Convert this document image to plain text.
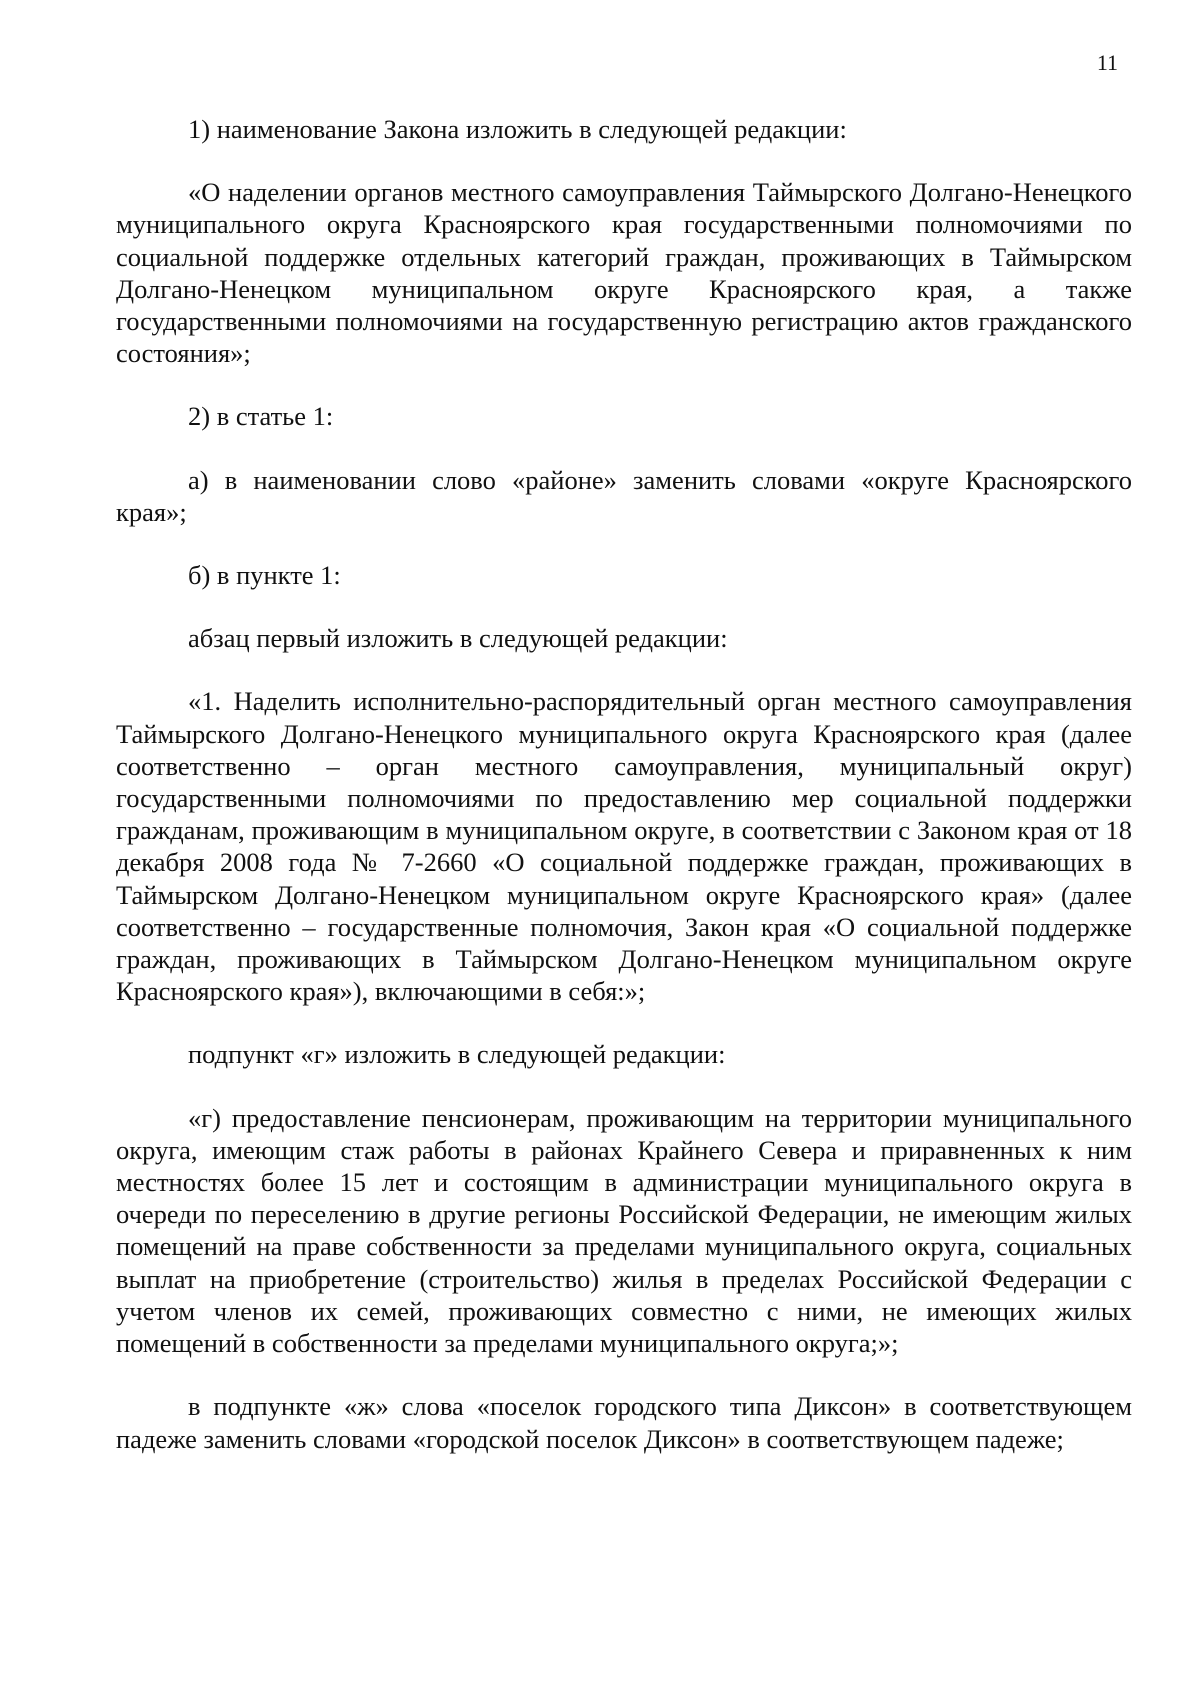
11

1) наименование Закона изложить в следующей редакции:

«О наделении органов местного самоуправления Таймырского Долгано-Ненецкого муниципального округа Красноярского края государственными полномочиями по социальной поддержке отдельных категорий граждан, проживающих в Таймырском Долгано-Ненецком муниципальном округе Красноярского края, а также государственными полномочиями на государственную регистрацию актов гражданского состояния»;

2) в статье 1:

а) в наименовании слово «районе» заменить словами «округе Красноярского края»;

б) в пункте 1:

абзац первый изложить в следующей редакции:

«1. Наделить исполнительно-распорядительный орган местного самоуправления Таймырского Долгано-Ненецкого муниципального округа Красноярского края (далее соответственно – орган местного самоуправления, муниципальный округ) государственными полномочиями по предоставлению мер социальной поддержки гражданам, проживающим в муниципальном округе, в соответствии с Законом края от 18 декабря 2008 года № 7-2660 «О социальной поддержке граждан, проживающих в Таймырском Долгано-Ненецком муниципальном округе Красноярского края» (далее соответственно – государственные полномочия, Закон края «О социальной поддержке граждан, проживающих в Таймырском Долгано-Ненецком муниципальном округе Красноярского края»), включающими в себя:»;

подпункт «г» изложить в следующей редакции:

«г) предоставление пенсионерам, проживающим на территории муниципального округа, имеющим стаж работы в районах Крайнего Севера и приравненных к ним местностях более 15 лет и состоящим в администрации муниципального округа в очереди по переселению в другие регионы Российской Федерации, не имеющим жилых помещений на праве собственности за пределами муниципального округа, социальных выплат на приобретение (строительство) жилья в пределах Российской Федерации с учетом членов их семей, проживающих совместно с ними, не имеющих жилых помещений в собственности за пределами муниципального округа;»;

в подпункте «ж» слова «поселок городского типа Диксон» в соответствующем падеже заменить словами «городской поселок Диксон» в соответствующем падеже;
